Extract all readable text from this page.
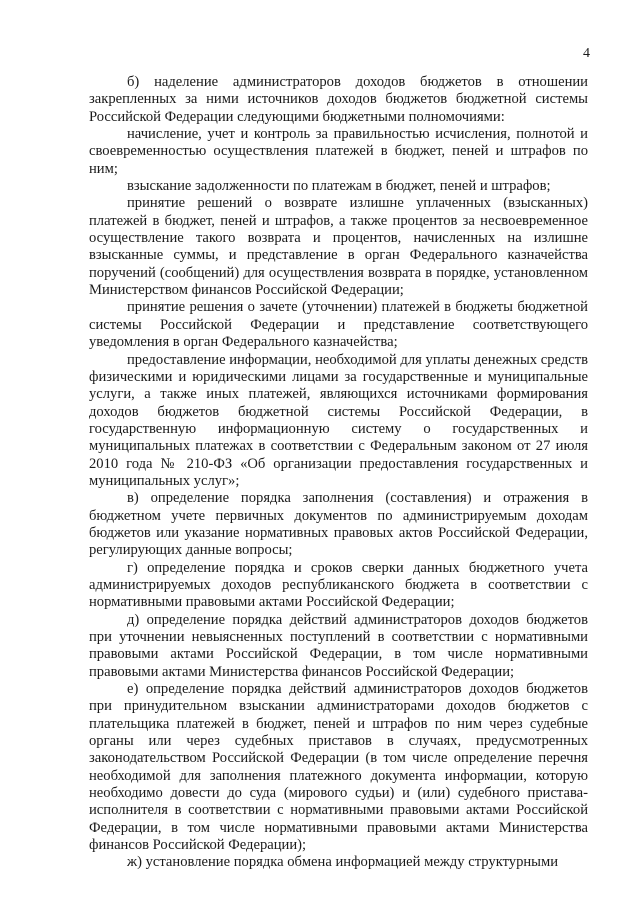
4

б) наделение администраторов доходов бюджетов в отношении закрепленных за ними источников доходов бюджетов бюджетной системы Российской Федерации следующими бюджетными полномочиями:

начисление, учет и контроль за правильностью исчисления, полнотой и своевременностью осуществления платежей в бюджет, пеней и штрафов по ним;

взыскание задолженности по платежам в бюджет, пеней и штрафов;

принятие решений о возврате излишне уплаченных (взысканных) платежей в бюджет, пеней и штрафов, а также процентов за несвоевременное осуществление такого возврата и процентов, начисленных на излишне взысканные суммы, и представление в орган Федерального казначейства поручений (сообщений) для осуществления возврата в порядке, установленном Министерством финансов Российской Федерации;

принятие решения о зачете (уточнении) платежей в бюджеты бюджетной системы Российской Федерации и представление соответствующего уведомления в орган Федерального казначейства;

предоставление информации, необходимой для уплаты денежных средств физическими и юридическими лицами за государственные и муниципальные услуги, а также иных платежей, являющихся источниками формирования доходов бюджетов бюджетной системы Российской Федерации, в государственную информационную систему о государственных и муниципальных платежах в соответствии с Федеральным законом от 27 июля 2010 года № 210-ФЗ «Об организации предоставления государственных и муниципальных услуг»;

в) определение порядка заполнения (составления) и отражения в бюджетном учете первичных документов по администрируемым доходам бюджетов или указание нормативных правовых актов Российской Федерации, регулирующих данные вопросы;

г) определение порядка и сроков сверки данных бюджетного учета администрируемых доходов республиканского бюджета в соответствии с нормативными правовыми актами Российской Федерации;

д) определение порядка действий администраторов доходов бюджетов при уточнении невыясненных поступлений в соответствии с нормативными правовыми актами Российской Федерации, в том числе нормативными правовыми актами Министерства финансов Российской Федерации;

е) определение порядка действий администраторов доходов бюджетов при принудительном взыскании администраторами доходов бюджетов с плательщика платежей в бюджет, пеней и штрафов по ним через судебные органы или через судебных приставов в случаях, предусмотренных законодательством Российской Федерации (в том числе определение перечня необходимой для заполнения платежного документа информации, которую необходимо довести до суда (мирового судьи) и (или) судебного пристава-исполнителя в соответствии с нормативными правовыми актами Российской Федерации, в том числе нормативными правовыми актами Министерства финансов Российской Федерации);

ж) установление порядка обмена информацией между структурными
